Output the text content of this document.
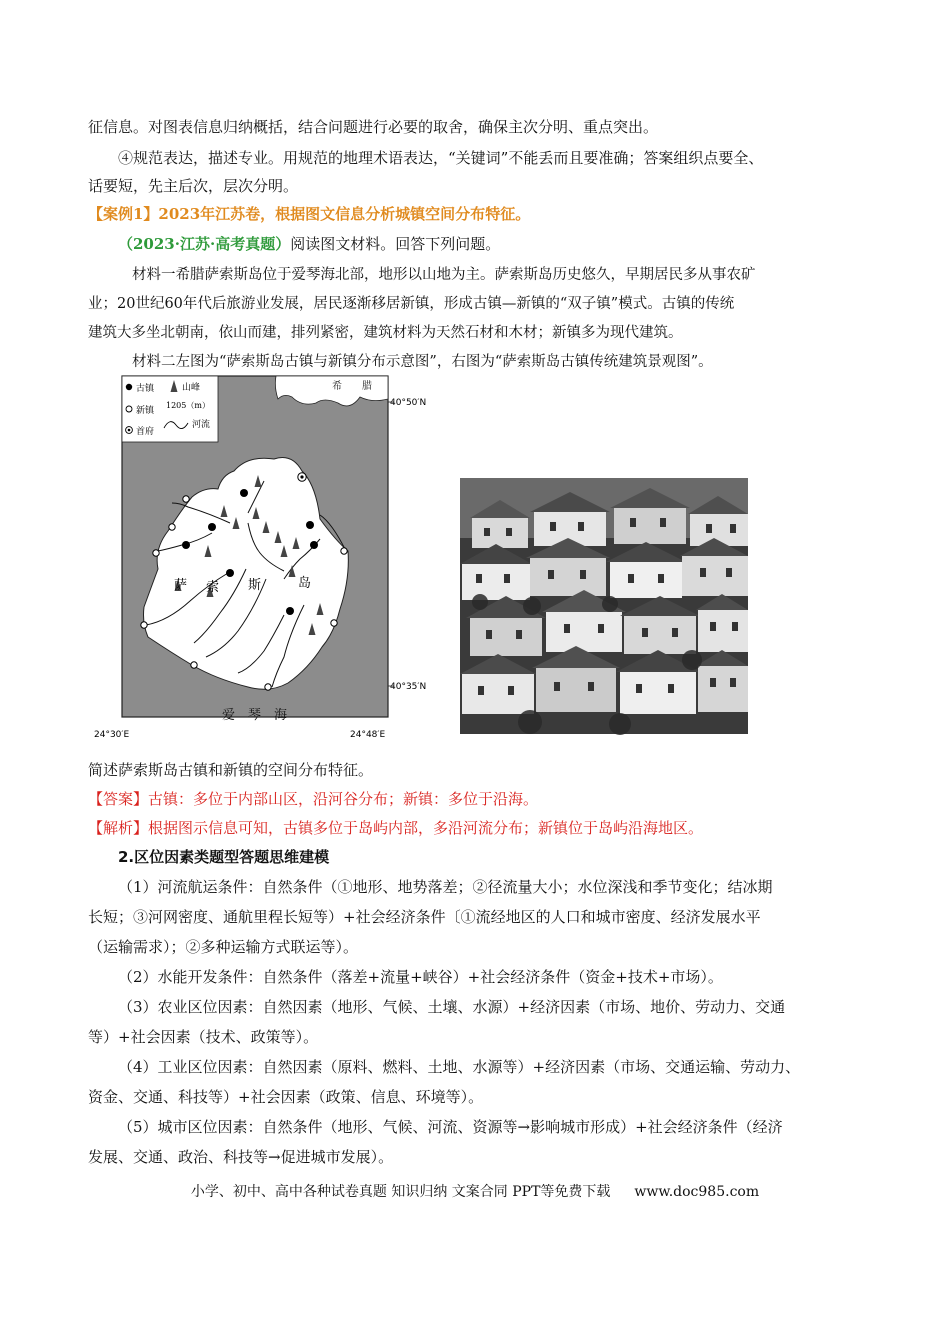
征信息。对图表信息归纳概括，结合问题进行必要的取舍，确保主次分明、重点突出。
④规范表达，描述专业。用规范的地理术语表达，“关键词”不能丢而且要准确；答案组织点要全、
话要短，先主后次，层次分明。
【案例1】2023年江苏卷，根据图文信息分析城镇空间分布特征。
（2023·江苏·高考真题）阅读图文材料。回答下列问题。
材料一希腊萨索斯岛位于爱琴海北部，地形以山地为主。萨索斯岛历史悠久，早期居民多从事农矿
业；20世纪60年代后旅游业发展，居民逐渐移居新镇，形成古镇—新镇的“双子镇”模式。古镇的传统
建筑大多坐北朝南，依山而建，排列紧密，建筑材料为天然石材和木材；新镇多为现代建筑。
材料二左图为“萨索斯岛古镇与新镇分布示意图”，右图为“萨索斯岛古镇传统建筑景观图”。
希　　腊
古镇
新镇
首府
山峰
1205（m）
河流
萨 索 斯	岛
爱　琴　海
40°50′N
40°35′N
24°30′E	24°48′E
简述萨索斯岛古镇和新镇的空间分布特征。
【答案】古镇：多位于内部山区，沿河谷分布；新镇：多位于沿海。
【解析】根据图示信息可知，古镇多位于岛屿内部，多沿河流分布；新镇位于岛屿沿海地区。
2.区位因素类题型答题思维建模
（1）河流航运条件：自然条件（①地形、地势落差；②径流量大小；水位深浅和季节变化；结冰期
长短；③河网密度、通航里程长短等）+社会经济条件〔①流经地区的人口和城市密度、经济发展水平
（运输需求）；②多种运输方式联运等）。
（2）水能开发条件：自然条件（落差+流量+峡谷）+社会经济条件（资金+技术+市场）。
（3）农业区位因素：自然因素（地形、气候、土壤、水源）+经济因素（市场、地价、劳动力、交通
等）+社会因素（技术、政策等）。
（4）工业区位因素：自然因素（原料、燃料、土地、水源等）+经济因素（市场、交通运输、劳动力、
资金、交通、科技等）+社会因素（政策、信息、环境等）。
（5）城市区位因素：自然条件（地形、气候、河流、资源等→影响城市形成）+社会经济条件（经济
发展、交通、政治、科技等→促进城市发展）。
小学、初中、高中各种试卷真题 知识归纳 文案合同 PPT等免费下载 www.doc985.com
